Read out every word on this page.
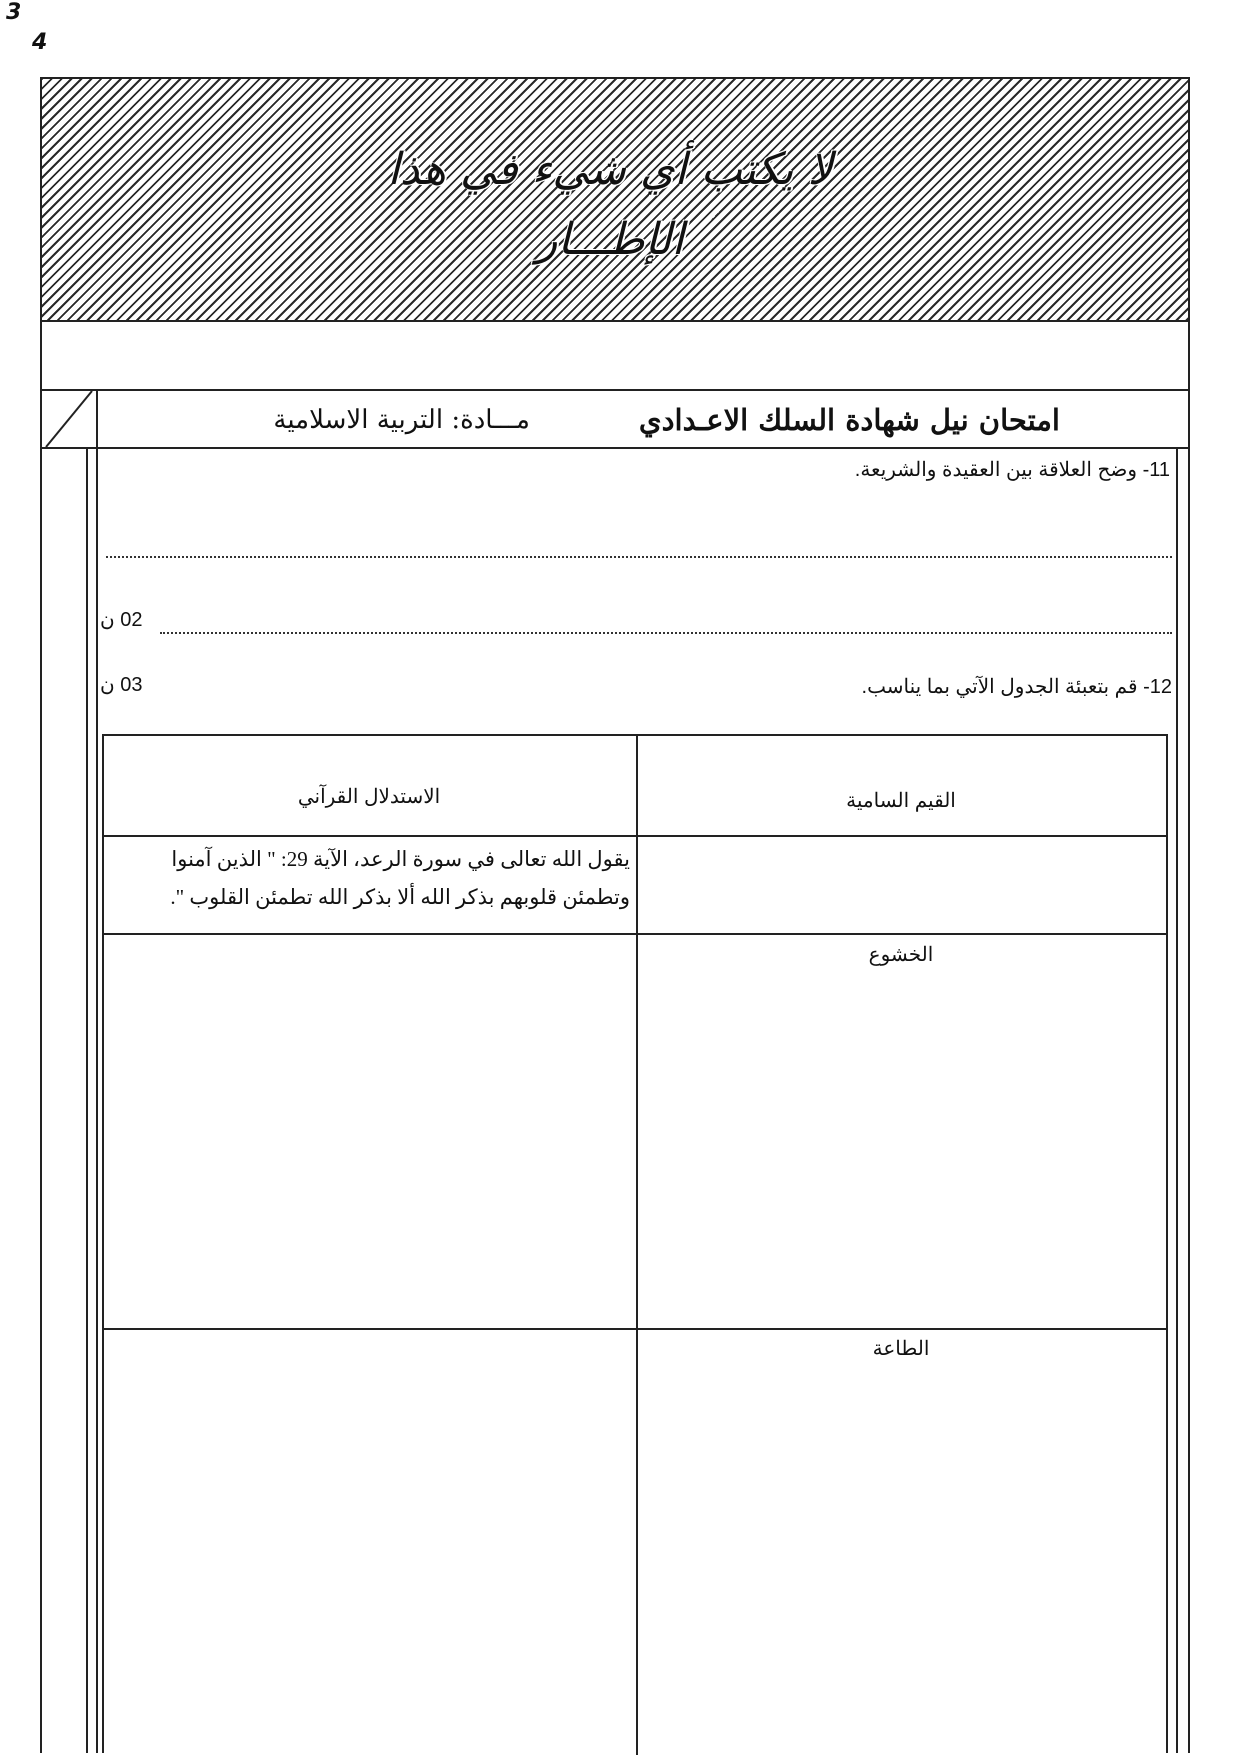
لا يكتب أي شيء في هذا الإطـــار
3
4
امتحان نيل شهادة السلك الاعـدادي
مـــادة: التربية الاسلامية
11- وضح العلاقة بين العقيدة والشريعة.
02 ن
12- قم بتعبئة الجدول الآتي بما يناسب.
03 ن
القيم السامية
الاستدلال القرآني
يقول الله تعالى في سورة الرعد، الآية 29: " الذين آمنوا وتطمئن قلوبهم بذكر الله ألا بذكر الله تطمئن القلوب ".
الخشوع
الطاعة
